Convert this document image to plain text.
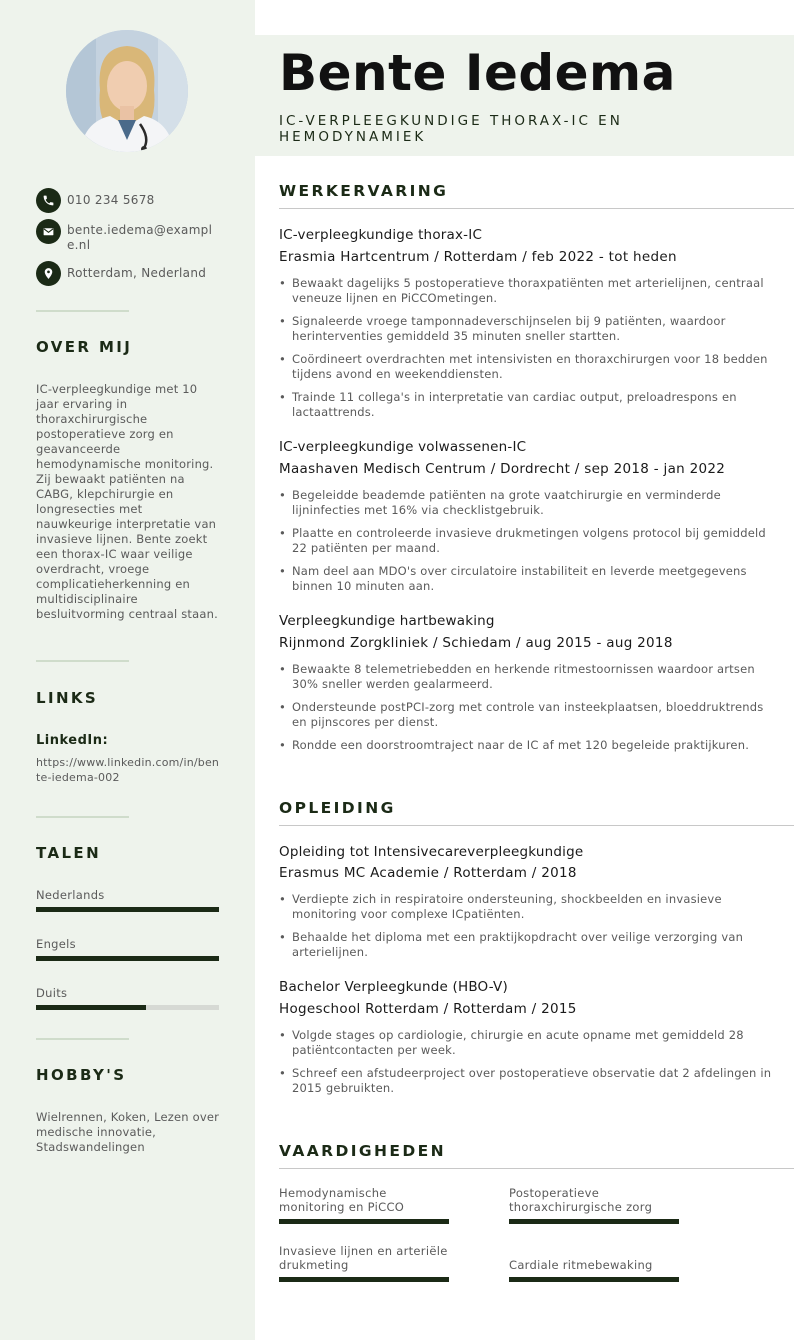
010 234 5678
bente.iedema@example.nl
Rotterdam, Nederland
OVER MIJ
IC-verpleegkundige met 10 jaar ervaring in thoraxchirurgische postoperatieve zorg en geavanceerde hemodynamische monitoring. Zij bewaakt patiënten na CABG, klepchirurgie en longresecties met nauwkeurige interpretatie van invasieve lijnen. Bente zoekt een thorax-IC waar veilige overdracht, vroege complicatieherkenning en multidisciplinaire besluitvorming centraal staan.
LINKS
LinkedIn:
https://www.linkedin.com/in/bente-iedema-002
TALEN
Nederlands
Engels
Duits
HOBBY'S
Wielrennen, Koken, Lezen over medische innovatie, Stadswandelingen
Bente Iedema
IC-VERPLEEGKUNDIGE THORAX-IC EN HEMODYNAMIEK
WERKERVARING
IC-verpleegkundige thorax-IC
Erasmia Hartcentrum / Rotterdam / feb 2022 - tot heden
• Bewaakt dagelijks 5 postoperatieve thoraxpatiënten met arterielijnen, centraal veneuze lijnen en PiCCOmetingen.
• Signaleerde vroege tamponnadeverschijnselen bij 9 patiënten, waardoor herinterventies gemiddeld 35 minuten sneller startten.
• Coördineert overdrachten met intensivisten en thoraxchirurgen voor 18 bedden tijdens avond en weekenddiensten.
• Trainde 11 collega's in interpretatie van cardiac output, preloadrespons en lactaattrends.
IC-verpleegkundige volwassenen-IC
Maashaven Medisch Centrum / Dordrecht / sep 2018 - jan 2022
• Begeleidde beademde patiënten na grote vaatchirurgie en verminderde lijninfecties met 16% via checklistgebruik.
• Plaatte en controleerde invasieve drukmetingen volgens protocol bij gemiddeld 22 patiënten per maand.
• Nam deel aan MDO's over circulatoire instabiliteit en leverde meetgegevens binnen 10 minuten aan.
Verpleegkundige hartbewaking
Rijnmond Zorgkliniek / Schiedam / aug 2015 - aug 2018
• Bewaakte 8 telemetriebedden en herkende ritmestoornissen waardoor artsen 30% sneller werden gealarmeerd.
• Ondersteunde postPCI-zorg met controle van insteekplaatsen, bloeddruktrends en pijnscores per dienst.
• Rondde een doorstroomtraject naar de IC af met 120 begeleide praktijkuren.
OPLEIDING
Opleiding tot Intensivecareverpleegkundige
Erasmus MC Academie / Rotterdam / 2018
• Verdiepte zich in respiratoire ondersteuning, shockbeelden en invasieve monitoring voor complexe ICpatiënten.
• Behaalde het diploma met een praktijkopdracht over veilige verzorging van arterielijnen.
Bachelor Verpleegkunde (HBO-V)
Hogeschool Rotterdam / Rotterdam / 2015
• Volgde stages op cardiologie, chirurgie en acute opname met gemiddeld 28 patiëntcontacten per week.
• Schreef een afstudeerproject over postoperatieve observatie dat 2 afdelingen in 2015 gebruikten.
VAARDIGHEDEN
Hemodynamische monitoring en PiCCO
Postoperatieve thoraxchirurgische zorg
Invasieve lijnen en arteriële drukmeting	Cardiale ritmebewaking
